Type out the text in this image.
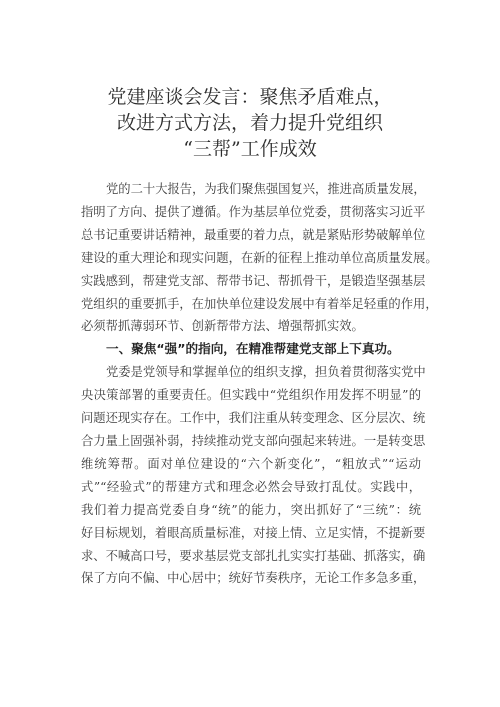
党建座谈会发言：聚焦矛盾难点，
改进方式方法，着力提升党组织
“三帮”工作成效
党的二十大报告，为我们聚焦强国复兴，推进高质量发展，
指明了方向、提供了遵循。作为基层单位党委，贯彻落实习近平
总书记重要讲话精神，最重要的着力点，就是紧贴形势破解单位
建设的重大理论和现实问题，在新的征程上推动单位高质量发展。
实践感到，帮建党支部、帮带书记、帮抓骨干，是锻造坚强基层
党组织的重要抓手，在加快单位建设发展中有着举足轻重的作用，
必须帮抓薄弱环节、创新帮带方法、增强帮抓实效。
一、聚焦“强”的指向，在精准帮建党支部上下真功。
党委是党领导和掌握单位的组织支撑，担负着贯彻落实党中
央决策部署的重要责任。但实践中“党组织作用发挥不明显”的
问题还现实存在。工作中，我们注重从转变理念、区分层次、统
合力量上固强补弱，持续推动党支部向强起来转进。一是转变思
维统筹帮。面对单位建设的“六个新变化”，“粗放式”“运动
式”“经验式”的帮建方式和理念必然会导致打乱仗。实践中，
我们着力提高党委自身“统”的能力，突出抓好了“三统”：统
好目标规划，着眼高质量标准，对接上情、立足实情，不提新要
求、不喊高口号，要求基层党支部扎扎实实打基础、抓落实，确
保了方向不偏、中心居中；统好节奏秩序，无论工作多急多重，
